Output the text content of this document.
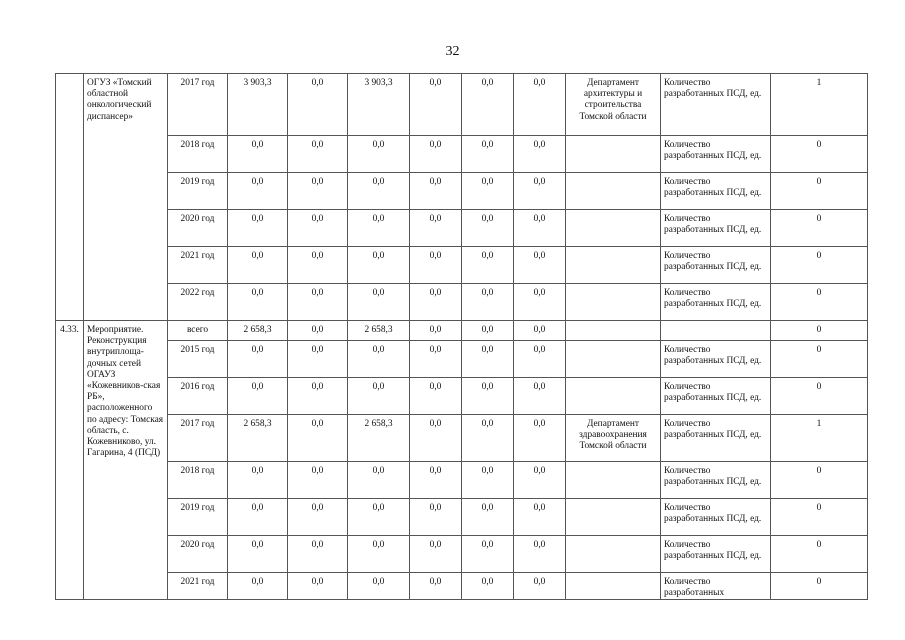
32
	ОГУЗ «Томский областной онкологический диспансер»	2017 год	3 903,3	0,0	3 903,3	0,0	0,0	0,0	Департамент архитектуры и строительства Томской области	Количество разработанных ПСД, ед.	1
		2018 год	0,0	0,0	0,0	0,0	0,0	0,0		Количество разработанных ПСД, ед.	0
		2019 год	0,0	0,0	0,0	0,0	0,0	0,0		Количество разработанных ПСД, ед.	0
		2020 год	0,0	0,0	0,0	0,0	0,0	0,0		Количество разработанных ПСД, ед.	0
		2021 год	0,0	0,0	0,0	0,0	0,0	0,0		Количество разработанных ПСД, ед.	0
		2022 год	0,0	0,0	0,0	0,0	0,0	0,0		Количество разработанных ПСД, ед.	0
4.33.	Мероприятие. Реконструкция внутриплоща-дочных сетей ОГАУЗ «Кожевников-ская РБ», расположенного по адресу: Томская область, с. Кожевниково, ул. Гагарина, 4 (ПСД)	всего	2 658,3	0,0	2 658,3	0,0	0,0	0,0			0
		2015 год	0,0	0,0	0,0	0,0	0,0	0,0		Количество разработанных ПСД, ед.	0
		2016 год	0,0	0,0	0,0	0,0	0,0	0,0		Количество разработанных ПСД, ед.	0
		2017 год	2 658,3	0,0	2 658,3	0,0	0,0	0,0	Департамент здравоохранения Томской области	Количество разработанных ПСД, ед.	1
		2018 год	0,0	0,0	0,0	0,0	0,0	0,0		Количество разработанных ПСД, ед.	0
		2019 год	0,0	0,0	0,0	0,0	0,0	0,0		Количество разработанных ПСД, ед.	0
		2020 год	0,0	0,0	0,0	0,0	0,0	0,0		Количество разработанных ПСД, ед.	0
		2021 год	0,0	0,0	0,0	0,0	0,0	0,0		Количество разработанных	0
